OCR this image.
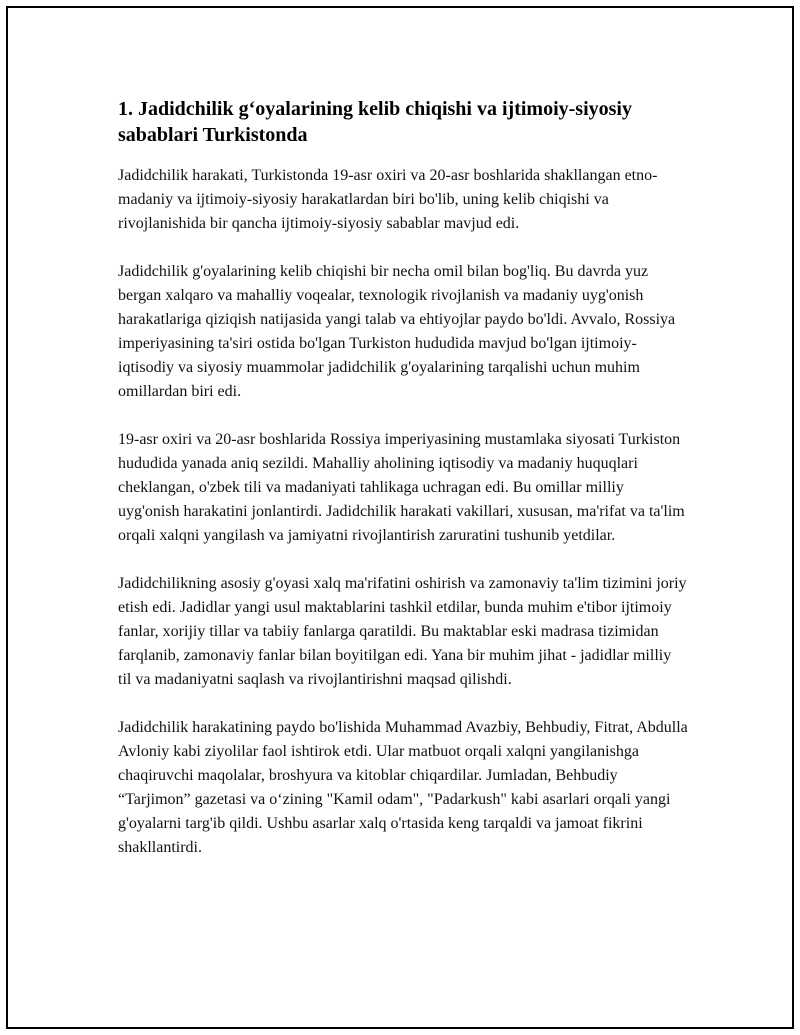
1. Jadidchilik g‘oyalarining kelib chiqishi va ijtimoiy-siyosiy sabablari Turkistonda

Jadidchilik harakati, Turkistonda 19-asr oxiri va 20-asr boshlarida shakllangan etno-madaniy va ijtimoiy-siyosiy harakatlardan biri bo'lib, uning kelib chiqishi va rivojlanishida bir qancha ijtimoiy-siyosiy sabablar mavjud edi.

Jadidchilik g'oyalarining kelib chiqishi bir necha omil bilan bog'liq. Bu davrda yuz bergan xalqaro va mahalliy voqealar, texnologik rivojlanish va madaniy uyg'onish harakatlariga qiziqish natijasida yangi talab va ehtiyojlar paydo bo'ldi. Avvalo, Rossiya imperiyasining ta'siri ostida bo'lgan Turkiston hududida mavjud bo'lgan ijtimoiy-iqtisodiy va siyosiy muammolar jadidchilik g'oyalarining tarqalishi uchun muhim omillardan biri edi.

19-asr oxiri va 20-asr boshlarida Rossiya imperiyasining mustamlaka siyosati Turkiston hududida yanada aniq sezildi. Mahalliy aholining iqtisodiy va madaniy huquqlari cheklangan, o'zbek tili va madaniyati tahlikaga uchragan edi. Bu omillar milliy uyg'onish harakatini jonlantirdi. Jadidchilik harakati vakillari, xususan, ma'rifat va ta'lim orqali xalqni yangilash va jamiyatni rivojlantirish zaruratini tushunib yetdilar.

Jadidchilikning asosiy g'oyasi xalq ma'rifatini oshirish va zamonaviy ta'lim tizimini joriy etish edi. Jadidlar yangi usul maktablarini tashkil etdilar, bunda muhim e'tibor ijtimoiy fanlar, xorijiy tillar va tabiiy fanlarga qaratildi. Bu maktablar eski madrasa tizimidan farqlanib, zamonaviy fanlar bilan boyitilgan edi. Yana bir muhim jihat - jadidlar milliy til va madaniyatni saqlash va rivojlantirishni maqsad qilishdi.

Jadidchilik harakatining paydo bo'lishida Muhammad Avazbiy, Behbudiy, Fitrat, Abdulla Avloniy kabi ziyolilar faol ishtirok etdi. Ular matbuot orqali xalqni yangilanishga chaqiruvchi maqolalar, broshyura va kitoblar chiqardilar. Jumladan, Behbudiy “Tarjimon” gazetasi va o‘zining "Kamil odam", "Padarkush" kabi asarlari orqali yangi g'oyalarni targ'ib qildi. Ushbu asarlar xalq o'rtasida keng tarqaldi va jamoat fikrini shakllantirdi.
